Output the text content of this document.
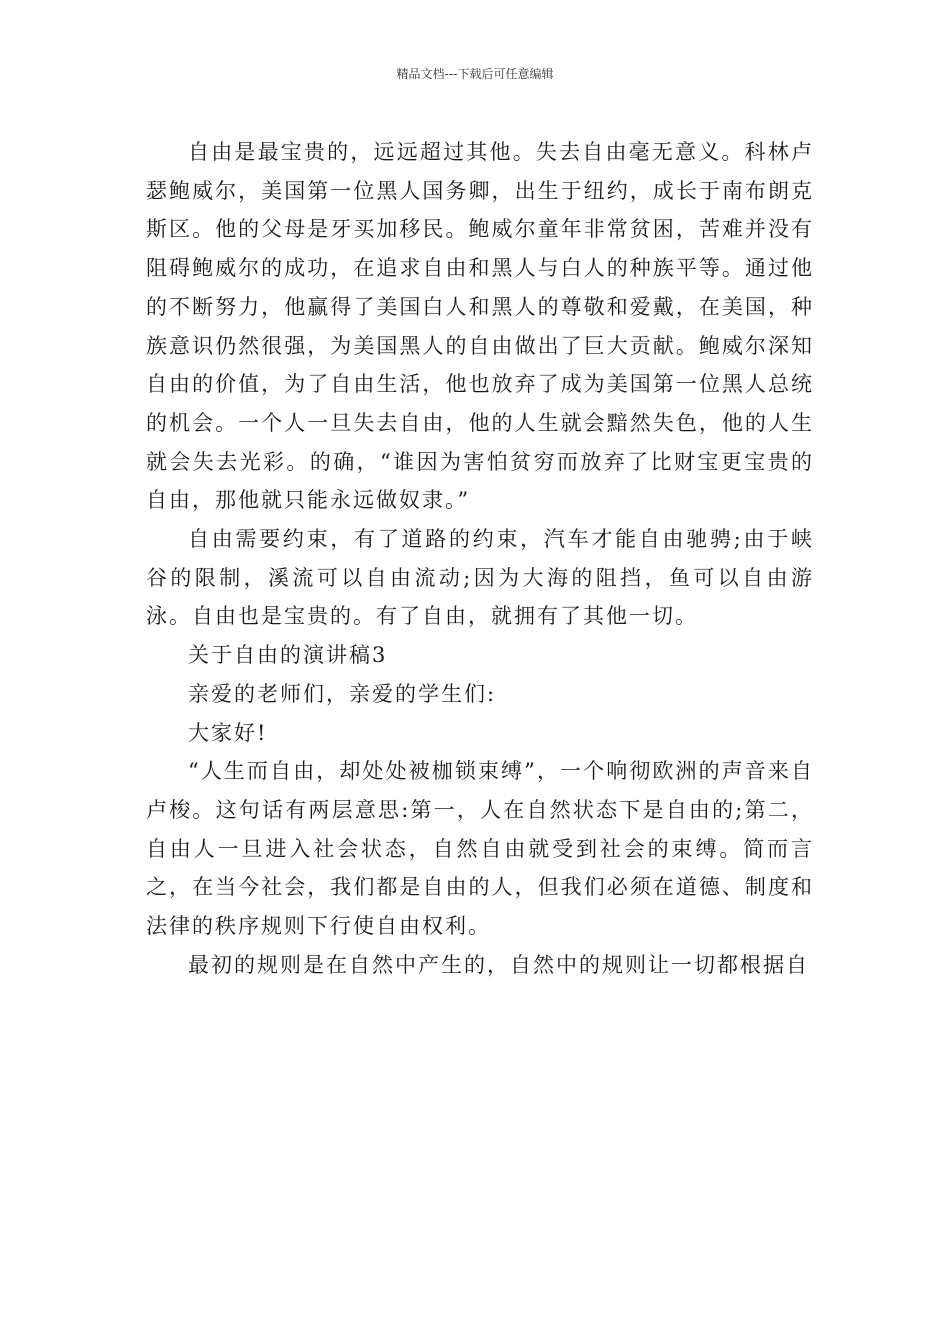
精品文档---下载后可任意编辑

自由是最宝贵的，远远超过其他。失去自由毫无意义。科林卢瑟鲍威尔，美国第一位黑人国务卿，出生于纽约，成长于南布朗克斯区。他的父母是牙买加移民。鲍威尔童年非常贫困，苦难并没有阻碍鲍威尔的成功，在追求自由和黑人与白人的种族平等。通过他的不断努力，他赢得了美国白人和黑人的尊敬和爱戴，在美国，种族意识仍然很强，为美国黑人的自由做出了巨大贡献。鲍威尔深知自由的价值，为了自由生活，他也放弃了成为美国第一位黑人总统的机会。一个人一旦失去自由，他的人生就会黯然失色，他的人生就会失去光彩。的确，“谁因为害怕贫穷而放弃了比财宝更宝贵的自由，那他就只能永远做奴隶。”

自由需要约束，有了道路的约束，汽车才能自由驰骋;由于峡谷的限制，溪流可以自由流动;因为大海的阻挡，鱼可以自由游泳。自由也是宝贵的。有了自由，就拥有了其他一切。

关于自由的演讲稿3

亲爱的老师们，亲爱的学生们:

大家好!

“人生而自由，却处处被枷锁束缚”，一个响彻欧洲的声音来自卢梭。这句话有两层意思:第一，人在自然状态下是自由的;第二，自由人一旦进入社会状态，自然自由就受到社会的束缚。简而言之，在当今社会，我们都是自由的人，但我们必须在道德、制度和法律的秩序规则下行使自由权利。

最初的规则是在自然中产生的，自然中的规则让一切都根据自
